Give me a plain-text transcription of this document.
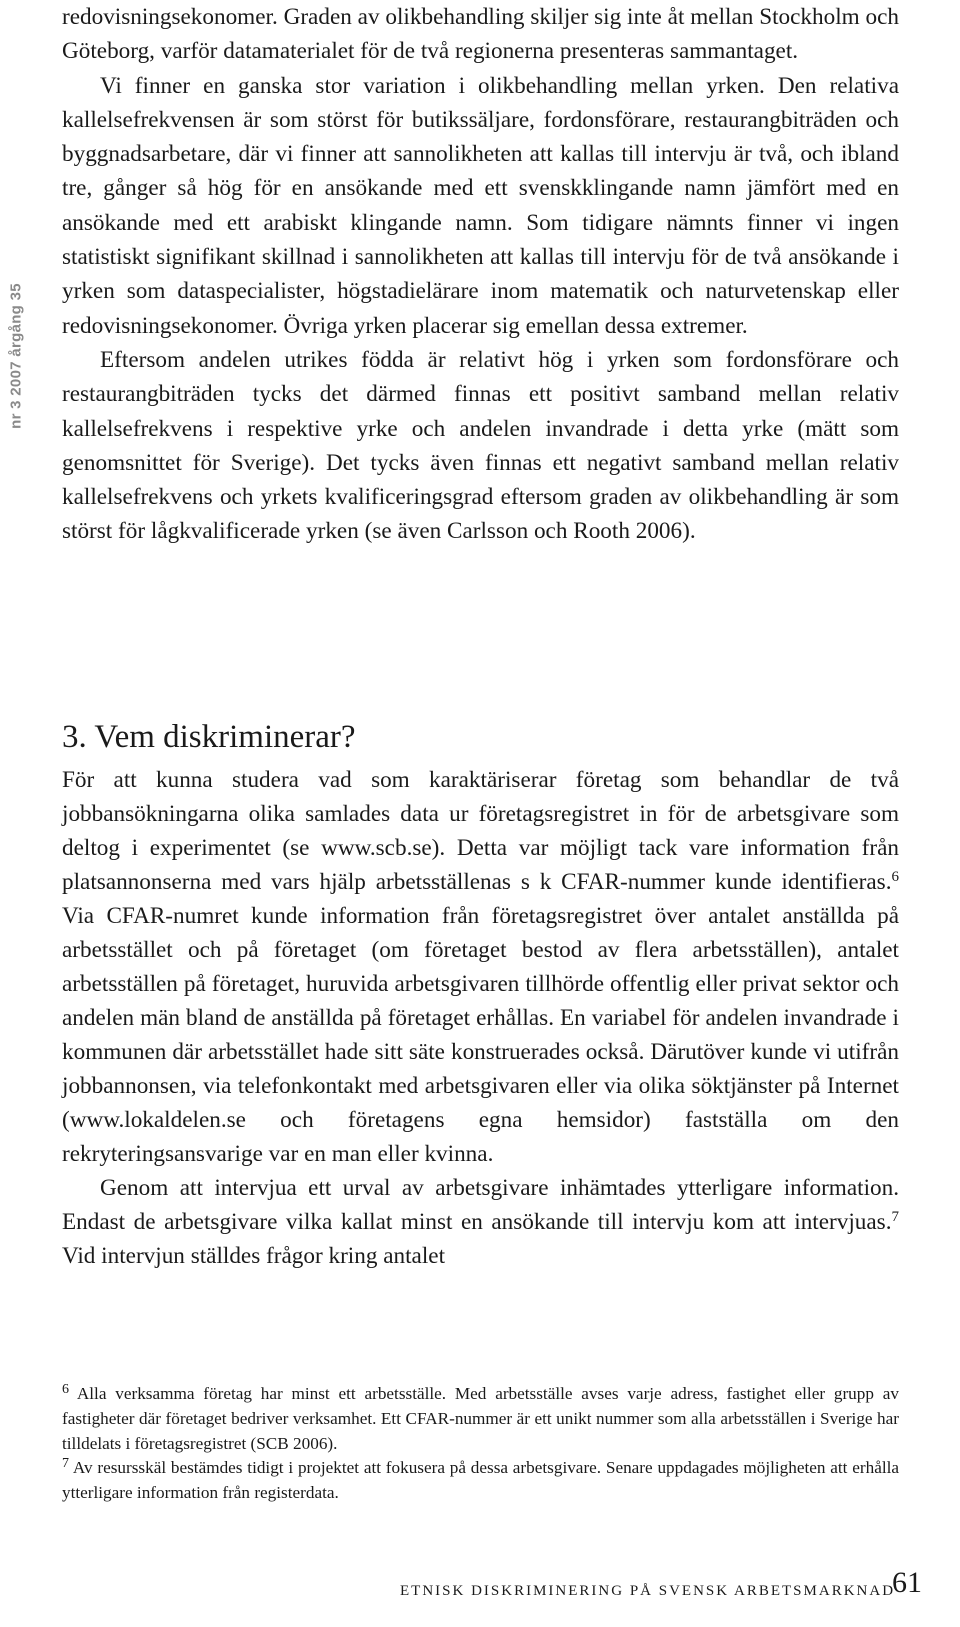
nr 3 2007 årgång 35

redovisningsekonomer. Graden av olikbehandling skiljer sig inte åt mellan Stockholm och Göteborg, varför datamaterialet för de två regionerna presenteras sammantaget.

Vi finner en ganska stor variation i olikbehandling mellan yrken. Den relativa kallelsefrekvensen är som störst för butikssäljare, fordonsförare, restaurangbiträden och byggnadsarbetare, där vi finner att sannolikheten att kallas till intervju är två, och ibland tre, gånger så hög för en ansökande med ett svenskklingande namn jämfört med en ansökande med ett arabiskt klingande namn. Som tidigare nämnts finner vi ingen statistiskt signifikant skillnad i sannolikheten att kallas till intervju för de två ansökande i yrken som dataspecialister, högstadielärare inom matematik och naturvetenskap eller redovisningsekonomer. Övriga yrken placerar sig emellan dessa extremer.

Eftersom andelen utrikes födda är relativt hög i yrken som fordonsförare och restaurangbiträden tycks det därmed finnas ett positivt samband mellan relativ kallelsefrekvens i respektive yrke och andelen invandrade i detta yrke (mätt som genomsnittet för Sverige). Det tycks även finnas ett negativt samband mellan relativ kallelsefrekvens och yrkets kvalificeringsgrad eftersom graden av olikbehandling är som störst för lågkvalificerade yrken (se även Carlsson och Rooth 2006).

3. Vem diskriminerar?

För att kunna studera vad som karaktäriserar företag som behandlar de två jobbansökningarna olika samlades data ur företagsregistret in för de arbetsgivare som deltog i experimentet (se www.scb.se). Detta var möjligt tack vare information från platsannonserna med vars hjälp arbetsställenas s k CFAR-nummer kunde identifieras.$^6$ Via CFAR-numret kunde information från företagsregistret över antalet anställda på arbetsstället och på företaget (om företaget bestod av flera arbetsställen), antalet arbetsställen på företaget, huruvida arbetsgivaren tillhörde offentlig eller privat sektor och andelen män bland de anställda på företaget erhållas. En variabel för andelen invandrade i kommunen där arbetsstället hade sitt säte konstruerades också. Därutöver kunde vi utifrån jobbannonsen, via telefonkontakt med arbetsgivaren eller via olika söktjänster på Internet (www.lokaldelen.se och företagens egna hemsidor) fastställa om den rekryteringsansvarige var en man eller kvinna.

Genom att intervjua ett urval av arbetsgivare inhämtades ytterligare information. Endast de arbetsgivare vilka kallat minst en ansökande till intervju kom att intervjuas.$^7$ Vid intervjun ställdes frågor kring antalet

$^6$ Alla verksamma företag har minst ett arbetsställe. Med arbetsställe avses varje adress, fastighet eller grupp av fastigheter där företaget bedriver verksamhet. Ett CFAR-nummer är ett unikt nummer som alla arbetsställen i Sverige har tilldelats i företagsregistret (SCB 2006).

$^7$ Av resursskäl bestämdes tidigt i projektet att fokusera på dessa arbetsgivare. Senare uppdagades möjligheten att erhålla ytterligare information från registerdata.

ETNISK DISKRIMINERING PÅ SVENSK ARBETSMARKNAD
61
